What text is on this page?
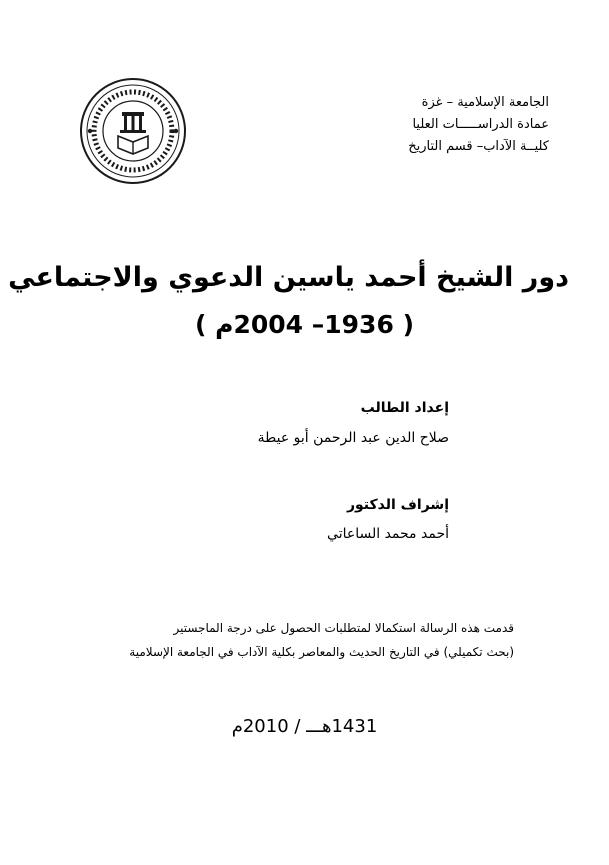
الجامعة الإسلامية – غزة
عمادة الدراســـــات العليا
كليــة الآداب– قسم التاريخ
دور الشيخ أحمد ياسين الدعوي والاجتماعي
( 1936– 2004م )
إعداد الطالب
صلاح الدين عبد الرحمن أبو عيطة
إشراف الدكتور
أحمد محمد الساعاتي
قدمت هذه الرسالة استكمالا لمتطلبات الحصول على درجة الماجستير
(بحث تكميلي) في التاريخ الحديث والمعاصر بكلية الآداب في الجامعة الإسلامية
1431هـــ / 2010م
